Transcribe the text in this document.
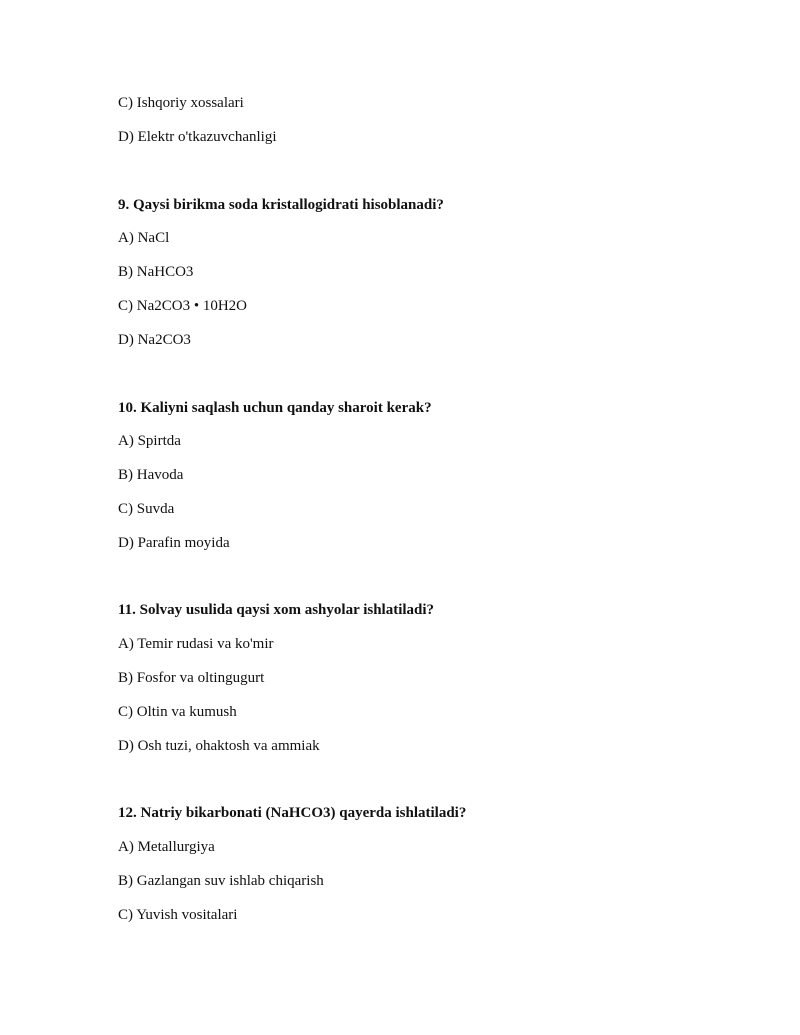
C) Ishqoriy xossalari
D) Elektr o'tkazuvchanligi
9. Qaysi birikma soda kristallogidrati hisoblanadi?
A) NaCl
B) NaHCO3
C) Na2CO3 • 10H2O
D) Na2CO3
10. Kaliyni saqlash uchun qanday sharoit kerak?
A) Spirtda
B) Havoda
C) Suvda
D) Parafin moyida
11. Solvay usulida qaysi xom ashyolar ishlatiladi?
A) Temir rudasi va ko'mir
B) Fosfor va oltingugurt
C) Oltin va kumush
D) Osh tuzi, ohaktosh va ammiak
12. Natriy bikarbonati (NaHCO3) qayerda ishlatiladi?
A) Metallurgiya
B) Gazlangan suv ishlab chiqarish
C) Yuvish vositalari
